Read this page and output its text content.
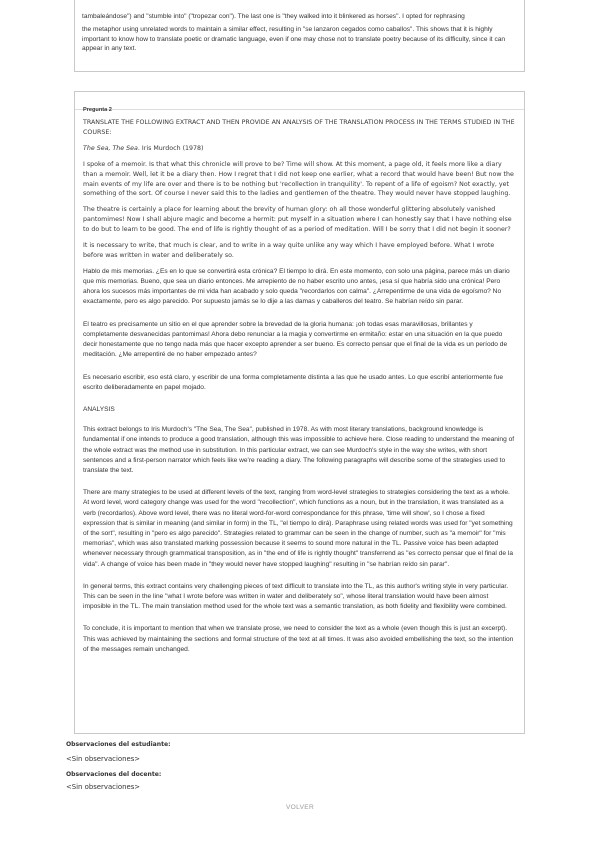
tambaleándose") and "stumble into" ("tropezar con"). The last one is "they walked into it blinkered as horses". I opted for rephrasing

the metaphor using unrelated words to maintain a similar effect, resulting in "se lanzaron cegados como caballos". This shows that it is highly important to know how to translate poetic or dramatic language, even if one may chose not to translate poetry because of its difficulty, since it can appear in any text.

Pregunta 2

TRANSLATE THE FOLLOWING EXTRACT AND THEN PROVIDE AN ANALYSIS OF THE TRANSLATION PROCESS IN THE TERMS STUDIED IN THE COURSE:

The Sea, The Sea. Iris Murdoch (1978)

I spoke of a memoir. Is that what this chronicle will prove to be? Time will show. At this moment, a page old, it feels more like a diary than a memoir. Well, let it be a diary then. How I regret that I did not keep one earlier, what a record that would have been! But now the main events of my life are over and there is to be nothing but 'recollection in tranquility'. To repent of a life of egoism? Not exactly, yet something of the sort. Of course I never said this to the ladies and gentlemen of the theatre. They would never have stopped laughing.

The theatre is certainly a place for learning about the brevity of human glory: oh all those wonderful glittering absolutely vanished pantomimes! Now I shall abjure magic and become a hermit: put myself in a situation where I can honestly say that I have nothing else to do but to learn to be good. The end of life is rightly thought of as a period of meditation. Will I be sorry that I did not begin it sooner?

It is necessary to write, that much is clear, and to write in a way quite unlike any way which I have employed before. What I wrote before was written in water and deliberately so.

Hablo de mis memorias. ¿Es en lo que se convertirá esta crónica? El tiempo lo dirá. En este momento, con solo una página, parece más un diario que mis memorias. Bueno, que sea un diario entonces. Me arrepiento de no haber escrito uno antes, ¡esa sí que habría sido una crónica! Pero ahora los sucesos más importantes de mi vida han acabado y solo queda "recordarlos con calma". ¿Arrepentirme de una vida de egoísmo? No exactamente, pero es algo parecido. Por supuesto jamás se lo dije a las damas y caballeros del teatro. Se habrían reído sin parar.

El teatro es precisamente un sitio en el que aprender sobre la brevedad de la gloria humana: ¡oh todas esas maravillosas, brillantes y completamente desvanecidas pantomimas! Ahora debo renunciar a la magia y convertirme en ermitaño: estar en una situación en la que puedo decir honestamente que no tengo nada más que hacer excepto aprender a ser bueno. Es correcto pensar que el final de la vida es un período de meditación. ¿Me arrepentiré de no haber empezado antes?

Es necesario escribir, eso está claro, y escribir de una forma completamente distinta a las que he usado antes. Lo que escribí anteriormente fue escrito deliberadamente en papel mojado.

ANALYSIS

This extract belongs to Iris Murdoch's "The Sea, The Sea", published in 1978. As with most literary translations, background knowledge is fundamental if one intends to produce a good translation, although this was impossible to achieve here. Close reading to understand the meaning of the whole extract was the method use in substitution. In this particular extract, we can see Murdoch's style in the way she writes, with short sentences and a first-person narrator which feels like we're reading a diary. The following paragraphs will describe some of the strategies used to translate the text.

There are many strategies to be used at different levels of the text, ranging from word-level strategies to strategies considering the text as a whole. At word level, word category change was used for the word "recollection", which functions as a noun, but in the translation, it was translated as a verb (recordarlos). Above word level, there was no literal word-for-word correspondance for this phrase, 'time will show', so I chose a fixed expression that is similar in meaning (and similar in form) in the TL, "el tiempo lo dirá). Paraphrase using related words was used for "yet something of the sort", resulting in "pero es algo parecido". Strategies related to grammar can be seen in the change of number, such as "a memoir" for "mis memorias", which was also translated marking possession because it seems to sound more natural in the TL. Passive voice has been adapted whenever necessary through grammatical transposition, as in "the end of life is rightly thought" transferrend as "es correcto pensar que el final de la vida". A change of voice has been made in "they would never have stopped laughing" resulting in "se habrían reído sin parar".

In general terms, this extract contains very challenging pieces of text difficult to translate into the TL, as this author's writing style in very particular. This can be seen in the line "what I wrote before was written in water and deliberately so", whose literal translation would have been almost imposible in the TL. The main translation method used for the whole text was a semantic translation, as both fidelity and flexibility were combined.

To conclude, it is important to mention that when we translate prose, we need to consider the text as a whole (even though this is just an excerpt). This was achieved by maintaining the sections and formal structure of the text at all times. It was also avoided embellishing the text, so the intention of the messages remain unchanged.

Observaciones del estudiante:
<Sin observaciones>
Observaciones del docente:
<Sin observaciones>
VOLVER
